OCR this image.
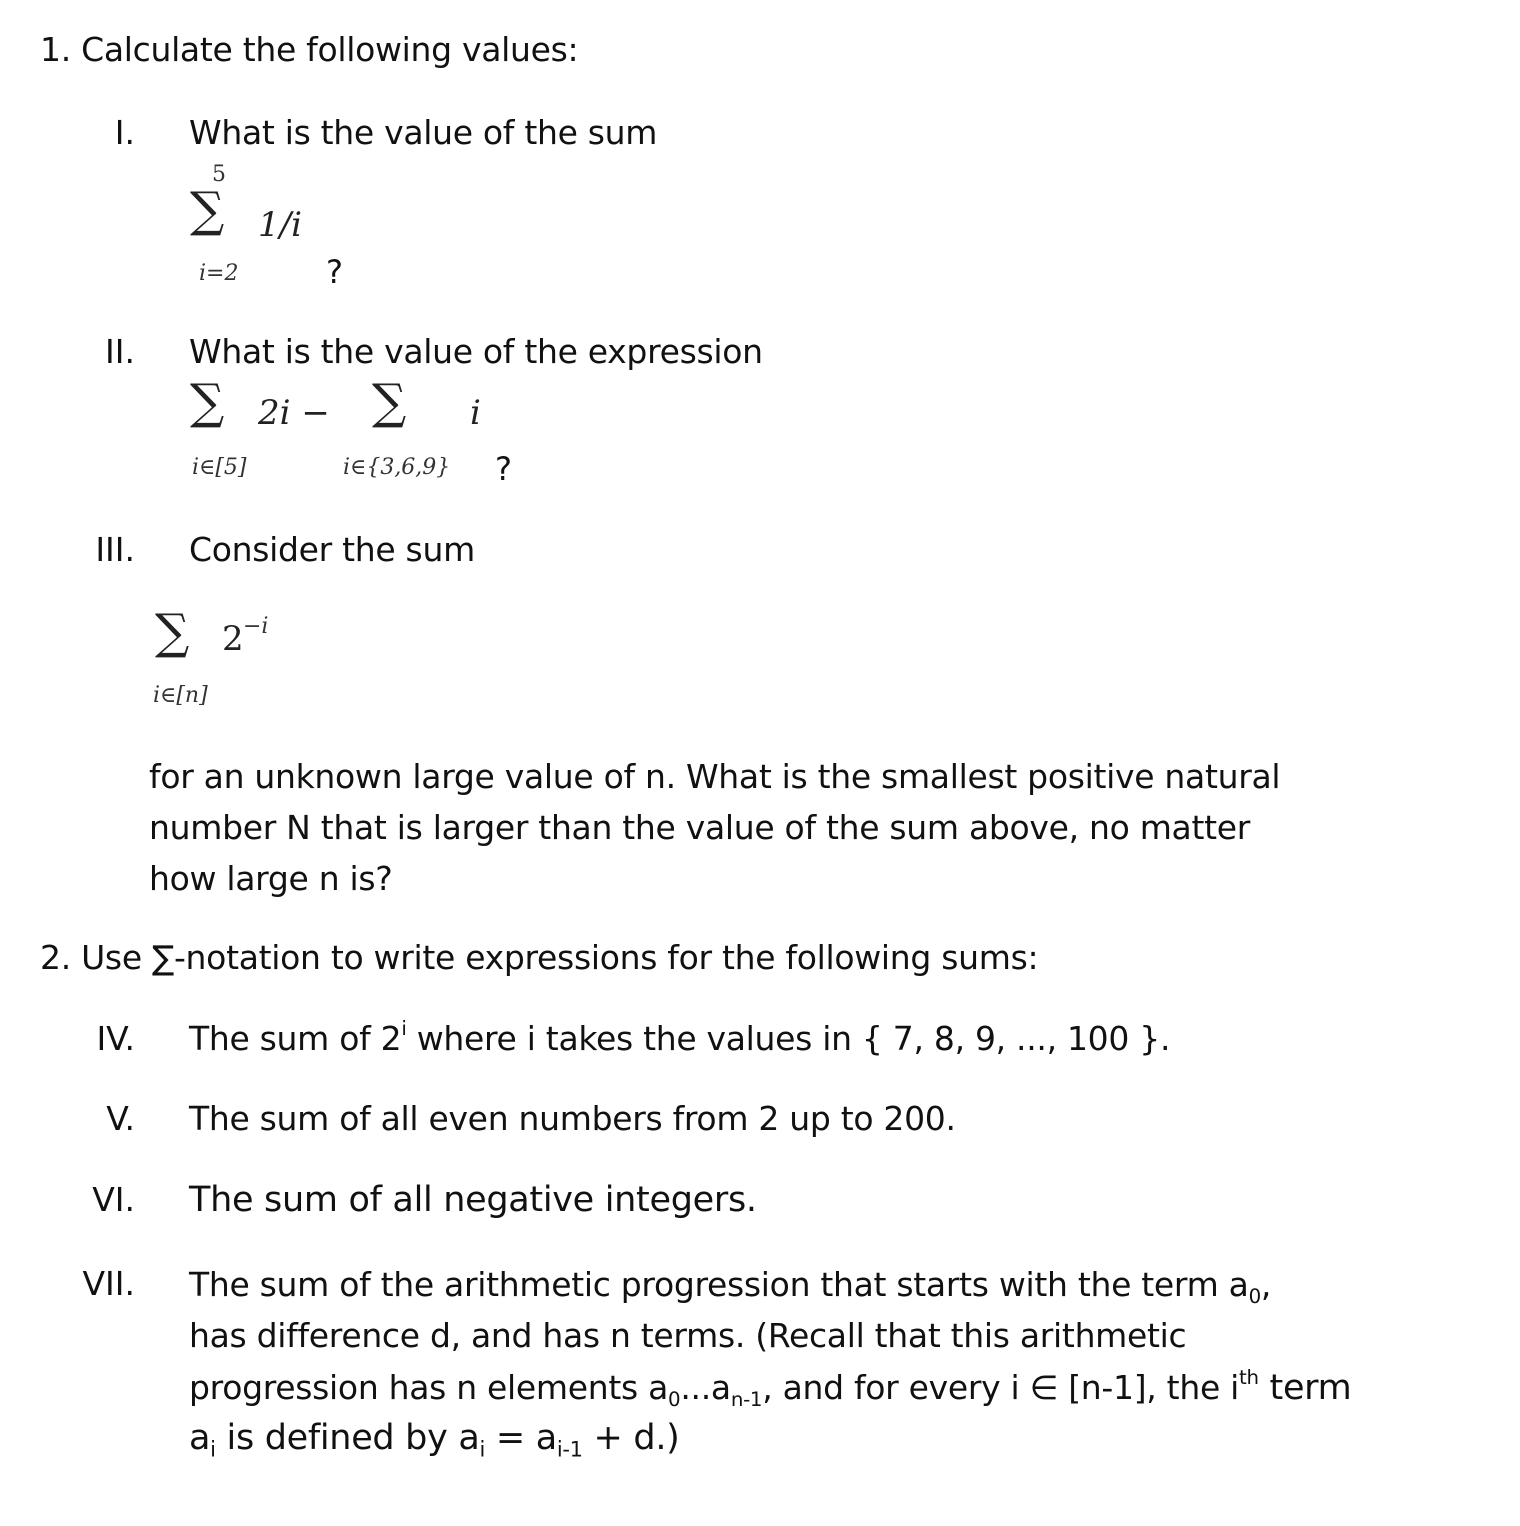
1. Calculate the following values:
I. What is the value of the sum
5
∑ 1/i
i=2	?
II. What is the value of the expression
∑ 2i − ∑ i
i∈[5]	i∈{3,6,9} ?
III. Consider the sum
∑ 2 −i
i∈[n]
for an unknown large value of n. What is the smallest positive natural
number N that is larger than the value of the sum above, no matter
how large n is?
2. Use ∑-notation to write expressions for the following sums:
IV. The sum of 2$^i$ where i takes the values in { 7, 8, 9, ..., 100 }.
V. The sum of all even numbers from 2 up to 200.
VI. The sum of all negative integers.
VII. The sum of the arithmetic progression that starts with the term $a_0$,
has difference d, and has n terms. (Recall that this arithmetic
progression has n elements $a_0...a_{n-1}$, and for every i ∈ [n-1], the $i^{th}$ term
$a_i$ is defined by $a_i = a_{i-1} + d$.)
